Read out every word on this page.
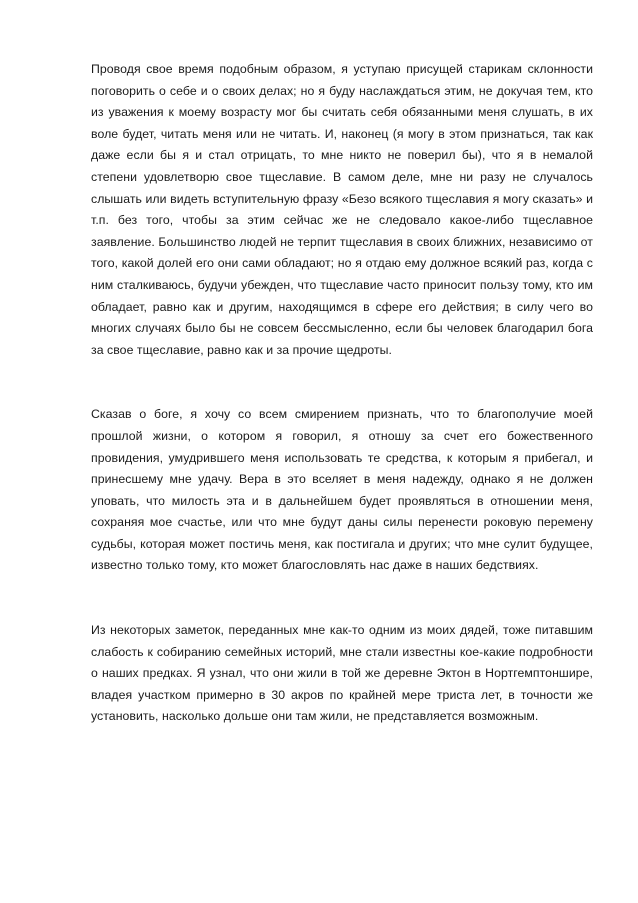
Проводя свое время подобным образом, я уступаю присущей старикам склонности поговорить о себе и о своих делах; но я буду наслаждаться этим, не докучая тем, кто из уважения к моему возрасту мог бы считать себя обязанными меня слушать, в их воле будет, читать меня или не читать. И, наконец (я могу в этом признаться, так как даже если бы я и стал отрицать, то мне никто не поверил бы), что я в немалой степени удовлетворю свое тщеславие. В самом деле, мне ни разу не случалось слышать или видеть вступительную фразу «Безо всякого тщеславия я могу сказать» и т.п. без того, чтобы за этим сейчас же не следовало какое-либо тщеславное заявление. Большинство людей не терпит тщеславия в своих ближних, независимо от того, какой долей его они сами обладают; но я отдаю ему должное всякий раз, когда с ним сталкиваюсь, будучи убежден, что тщеславие часто приносит пользу тому, кто им обладает, равно как и другим, находящимся в сфере его действия; в силу чего во многих случаях было бы не совсем бессмысленно, если бы человек благодарил бога за свое тщеславие, равно как и за прочие щедроты.

Сказав о боге, я хочу со всем смирением признать, что то благополучие моей прошлой жизни, о котором я говорил, я отношу за счет его божественного провидения, умудрившего меня использовать те средства, к которым я прибегал, и принесшему мне удачу. Вера в это вселяет в меня надежду, однако я не должен уповать, что милость эта и в дальнейшем будет проявляться в отношении меня, сохраняя мое счастье, или что мне будут даны силы перенести роковую перемену судьбы, которая может постичь меня, как постигала и других; что мне сулит будущее, известно только тому, кто может благословлять нас даже в наших бедствиях.

Из некоторых заметок, переданных мне как-то одним из моих дядей, тоже питавшим слабость к собиранию семейных историй, мне стали известны кое-какие подробности о наших предках. Я узнал, что они жили в той же деревне Эктон в Нортгемптоншире, владея участком примерно в 30 акров по крайней мере триста лет, в точности же установить, насколько дольше они там жили, не представляется возможным.
